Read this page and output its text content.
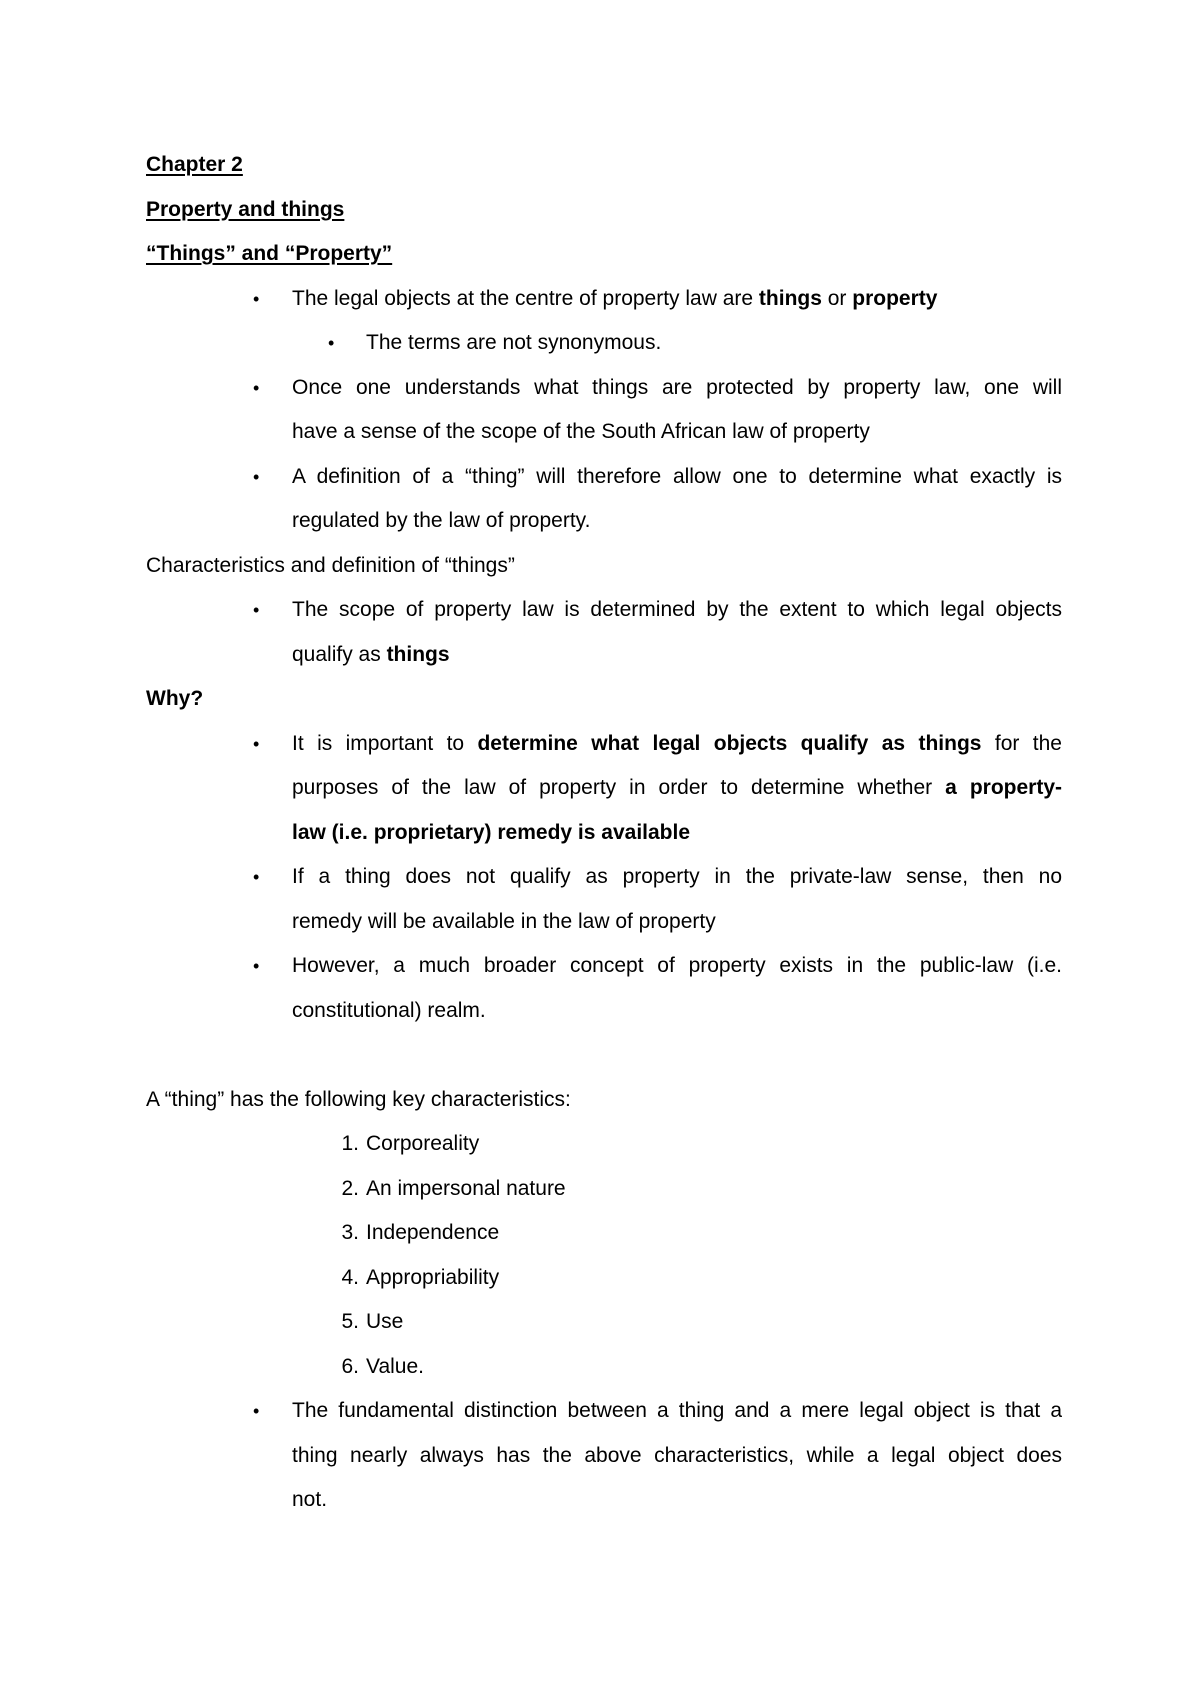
Chapter 2
Property and things
“Things” and “Property”
•	The legal objects at the centre of property law are things or property
•	The terms are not synonymous.
•	Once one understands what things are protected by property law, one will
have a sense of the scope of the South African law of property
•	A definition of a “thing” will therefore allow one to determine what exactly is
regulated by the law of property.
Characteristics and definition of “things”
•	The scope of property law is determined by the extent to which legal objects
qualify as things
Why?
•	It is important to determine what legal objects qualify as things for the
purposes of the law of property in order to determine whether a property-
law (i.e. proprietary) remedy is available
•	If a thing does not qualify as property in the private-law sense, then no
remedy will be available in the law of property
•	However, a much broader concept of property exists in the public-law (i.e.
constitutional) realm.
A “thing” has the following key characteristics:
1. Corporeality
2. An impersonal nature
3. Independence
4. Appropriability
5. Use
6. Value.
•	The fundamental distinction between a thing and a mere legal object is that a
thing nearly always has the above characteristics, while a legal object does
not.
